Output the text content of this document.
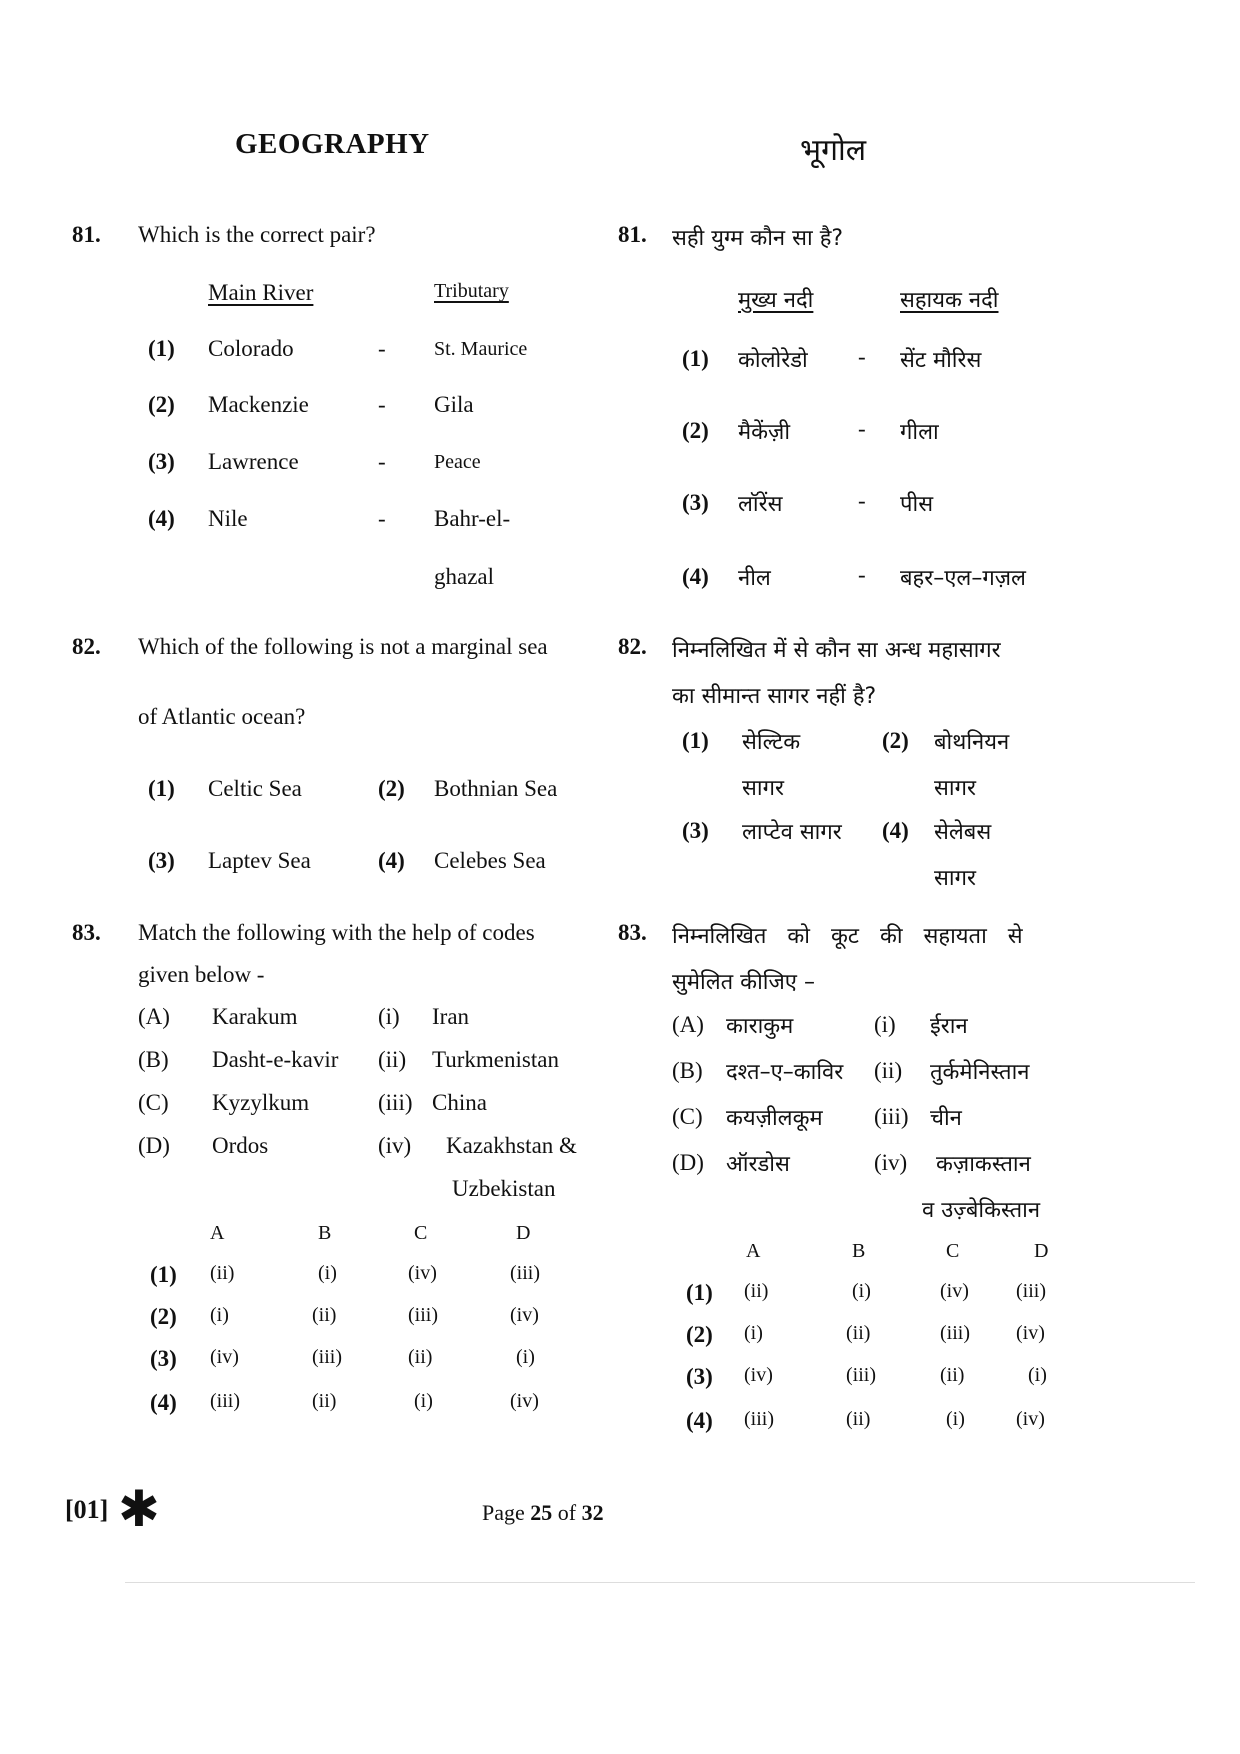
GEOGRAPHY	भूगोल
81. Which is the correct pair?
Main River	Tributary
(1) Colorado	- St. Maurice
(2) Mackenzie	- Gila
(3) Lawrence	- Peace
(4) Nile	- Bahr-el-
ghazal
81. सही युग्म कौन सा है?
मुख्य नदी	सहायक नदी
(1) कोलोरेडो - सेंट मौरिस
(2) मैकेंज़ी	- गीला
(3) लॉरेंस	- पीस
(4) नील	- बहर–एल–गज़ल
82. Which of the following is not a marginal sea
of Atlantic ocean?
(1) Celtic Sea	(2) Bothnian Sea
(3) Laptev Sea	(4) Celebes Sea
82. निम्नलिखित में से कौन सा अन्ध महासागर
का सीमान्त सागर नहीं है?
(1) सेल्टिक
सागर
(2) बोथनियन
सागर
(3) लाप्टेव सागर (4) सेलेबस
सागर
83. Match the following with the help of codes
given below -
(A) Karakum	(i) Iran
(B) Dasht-e-kavir (ii) Turkmenistan
(C) Kyzylkum	(iii) China
(D) Ordos	(iv) Kazakhstan &
Uzbekistan
A	B	C	D
(1) (ii)	(i)	(iv)	(iii)
(2) (i)	(ii)	(iii)	(iv)
(3) (iv)	(iii)	(ii)	(i)
(4) (iii)	(ii)	(i)	(iv)
83. निम्नलिखित को कूट की सहायता से
सुमेलित कीजिए –
(A) काराकुम	(i) ईरान
(B) दश्त–ए–काविर (ii) तुर्कमेनिस्तान
(C) कयज़ीलकूम (iii) चीन
(D) ऑरडोस	(iv) कज़ाकस्तान
व उज़्बेकिस्तान
A	B	C	D
(1) (ii)	(i)	(iv) (iii)
(2) (i)	(ii)	(iii) (iv)
(3) (iv)	(iii)	(ii)	(i)
(4) (iii)	(ii)	(i)	(iv)
[01] ✱	Page 25 of 32
